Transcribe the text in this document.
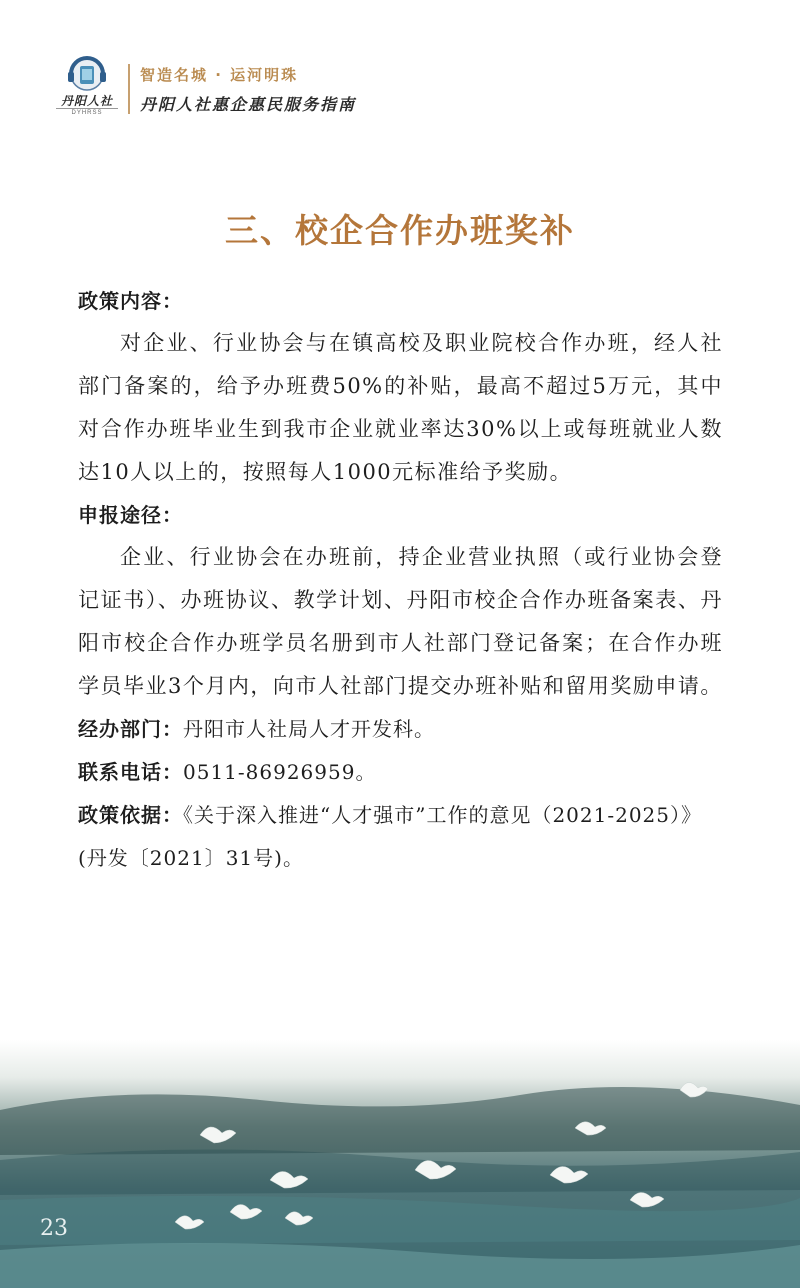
丹阳人社
DYHRSS
智造名城 · 运河明珠
丹阳人社惠企惠民服务指南
三、校企合作办班奖补
政策内容：

对企业、行业协会与在镇高校及职业院校合作办班，经人社部门备案的，给予办班费50%的补贴，最高不超过5万元，其中对合作办班毕业生到我市企业就业率达30%以上或每班就业人数达10人以上的，按照每人1000元标准给予奖励。

申报途径：

企业、行业协会在办班前，持企业营业执照（或行业协会登记证书）、办班协议、教学计划、丹阳市校企合作办班备案表、丹阳市校企合作办班学员名册到市人社部门登记备案；在合作办班学员毕业3个月内，向市人社部门提交办班补贴和留用奖励申请。

经办部门：丹阳市人社局人才开发科。

联系电话：0511-86926959。

政策依据：《关于深入推进“人才强市”工作的意见（2021-2025）》(丹发〔2021〕31号)。

23
